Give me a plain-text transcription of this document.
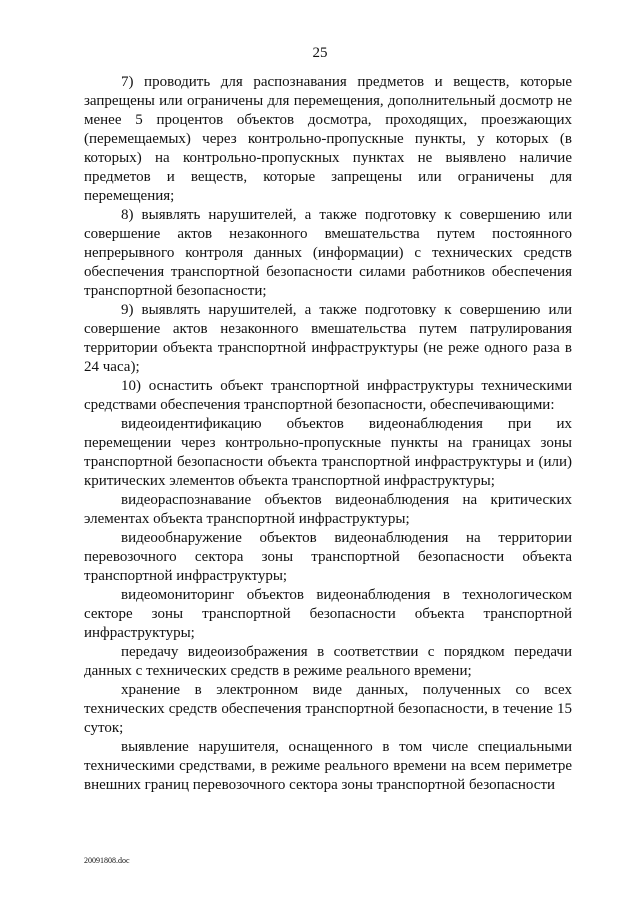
25

7) проводить для распознавания предметов и веществ, которые запрещены или ограничены для перемещения, дополнительный досмотр не менее 5 процентов объектов досмотра, проходящих, проезжающих (перемещаемых) через контрольно-пропускные пункты, у которых (в которых) на контрольно-пропускных пунктах не выявлено наличие предметов и веществ, которые запрещены или ограничены для перемещения;

8) выявлять нарушителей, а также подготовку к совершению или совершение актов незаконного вмешательства путем постоянного непрерывного контроля данных (информации) с технических средств обеспечения транспортной безопасности силами работников обеспечения транспортной безопасности;

9) выявлять нарушителей, а также подготовку к совершению или совершение актов незаконного вмешательства путем патрулирования территории объекта транспортной инфраструктуры (не реже одного раза в 24 часа);

10) оснастить объект транспортной инфраструктуры техническими средствами обеспечения транспортной безопасности, обеспечивающими:

видеоидентификацию объектов видеонаблюдения при их перемещении через контрольно-пропускные пункты на границах зоны транспортной безопасности объекта транспортной инфраструктуры и (или) критических элементов объекта транспортной инфраструктуры;

видеораспознавание объектов видеонаблюдения на критических элементах объекта транспортной инфраструктуры;

видеообнаружение объектов видеонаблюдения на территории перевозочного сектора зоны транспортной безопасности объекта транспортной инфраструктуры;

видеомониторинг объектов видеонаблюдения в технологическом секторе зоны транспортной безопасности объекта транспортной инфраструктуры;

передачу видеоизображения в соответствии с порядком передачи данных с технических средств в режиме реального времени;

хранение в электронном виде данных, полученных со всех технических средств обеспечения транспортной безопасности, в течение 15 суток;

выявление нарушителя, оснащенного в том числе специальными техническими средствами, в режиме реального времени на всем периметре внешних границ перевозочного сектора зоны транспортной безопасности

20091808.doc
